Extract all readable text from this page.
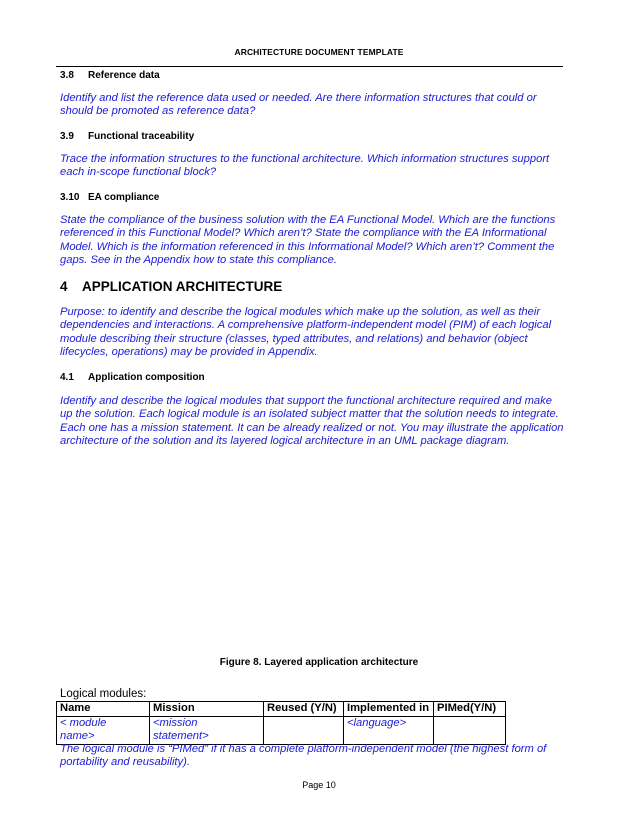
ARCHITECTURE DOCUMENT TEMPLATE
3.8 Reference data
Identify and list the reference data used or needed. Are there information structures that could or
should be promoted as reference data?
3.9 Functional traceability
Trace the information structures to the functional architecture. Which information structures support
each in-scope functional block?
3.10 EA compliance
State the compliance of the business solution with the EA Functional Model. Which are the functions
referenced in this Functional Model? Which aren’t? State the compliance with the EA Informational
Model. Which is the information referenced in this Informational Model? Which aren’t? Comment the
gaps. See in the Appendix how to state this compliance.
4 APPLICATION ARCHITECTURE
Purpose: to identify and describe the logical modules which make up the solution, as well as their
dependencies and interactions. A comprehensive platform-independent model (PIM) of each logical
module describing their structure (classes, typed attributes, and relations) and behavior (object
lifecycles, operations) may be provided in Appendix.
4.1 Application composition
Identify and describe the logical modules that support the functional architecture required and make
up the solution. Each logical module is an isolated subject matter that the solution needs to integrate.
Each one has a mission statement. It can be already realized or not. You may illustrate the application
architecture of the solution and its layered logical architecture in an UML package diagram.
Figure 8. Layered application architecture
Logical modules:
Name	Mission	Reused (Y/N)	Implemented in	PIMed(Y/N)
< module
name>	<mission
statement>		<language>	
The logical module is “PIMed” if it has a complete platform-independent model (the highest form of
portability and reusability).
Page 10
